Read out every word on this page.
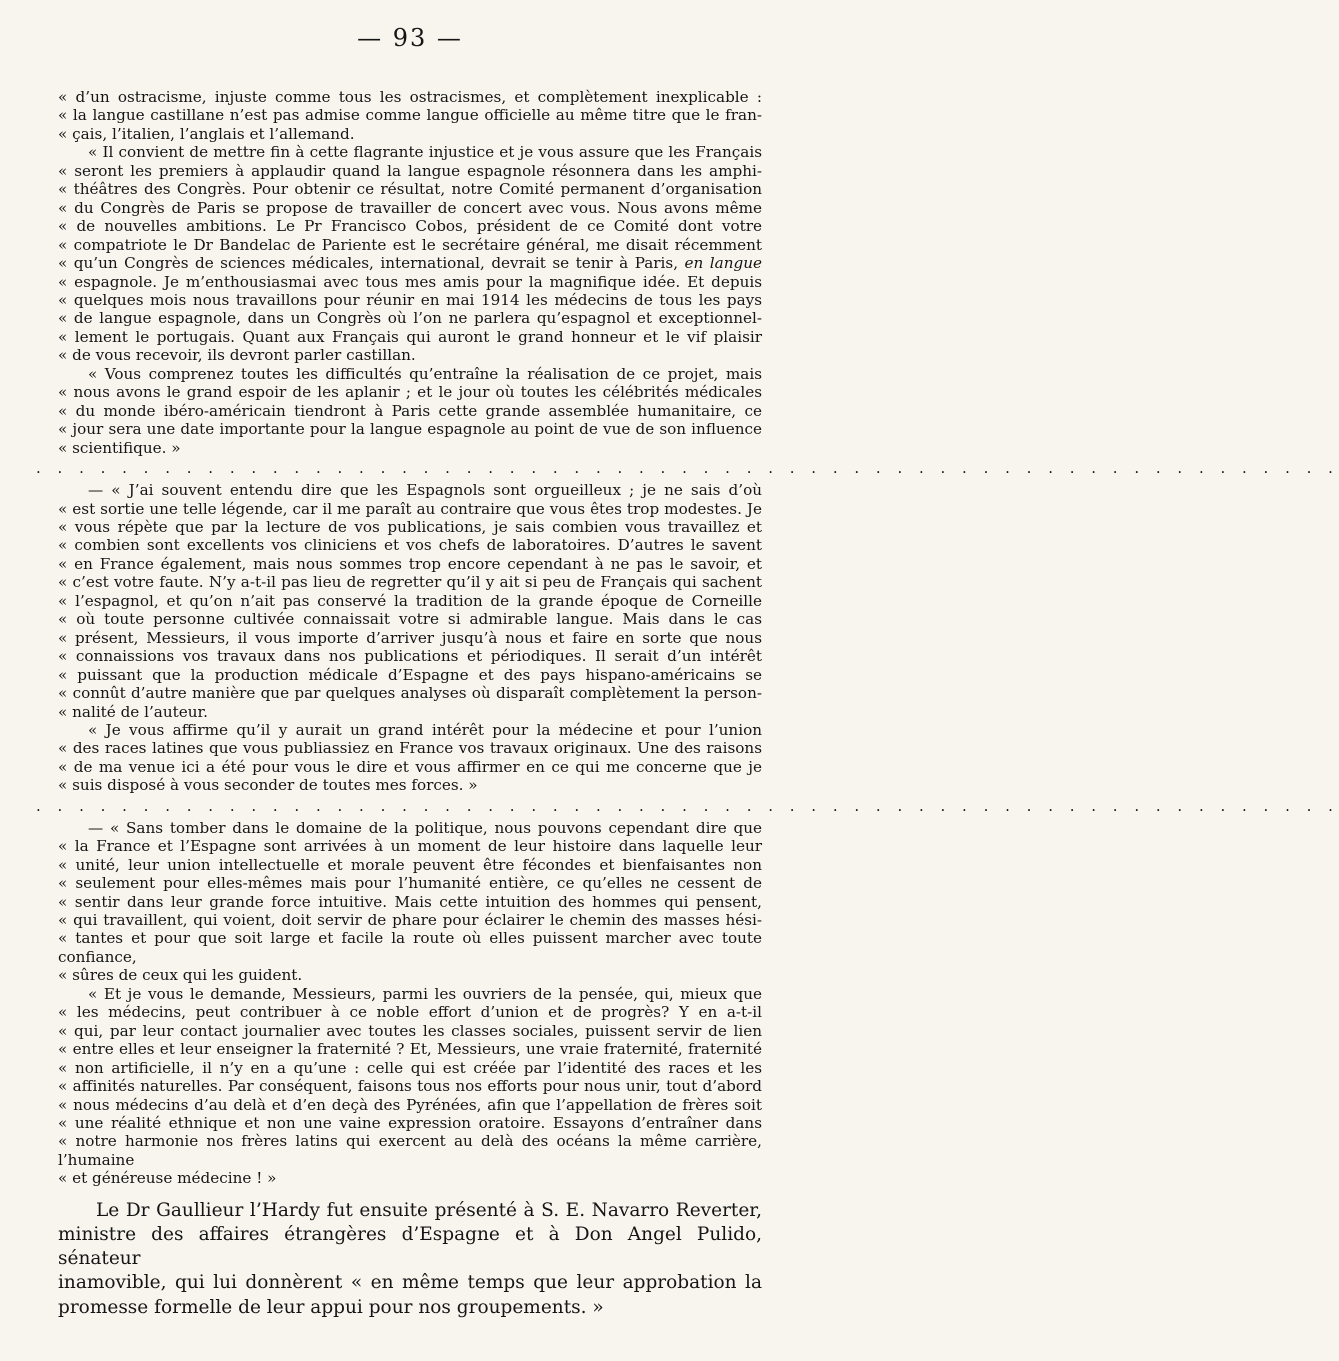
— 93 —

« d’un ostracisme, injuste comme tous les ostracismes, et complètement inexplicable :

« la langue castillane n’est pas admise comme langue officielle au même titre que le fran-

« çais, l’italien, l’anglais et l’allemand.

« Il convient de mettre fin à cette flagrante injustice et je vous assure que les Français

« seront les premiers à applaudir quand la langue espagnole résonnera dans les amphi-

« théâtres des Congrès. Pour obtenir ce résultat, notre Comité permanent d’organisation

« du Congrès de Paris se propose de travailler de concert avec vous. Nous avons même

« de nouvelles ambitions. Le Pr Francisco Cobos, président de ce Comité dont votre

« compatriote le Dr Bandelac de Pariente est le secrétaire général, me disait récemment

« qu’un Congrès de sciences médicales, international, devrait se tenir à Paris, en langue

« espagnole. Je m’enthousiasmai avec tous mes amis pour la magnifique idée. Et depuis

« quelques mois nous travaillons pour réunir en mai 1914 les médecins de tous les pays

« de langue espagnole, dans un Congrès où l’on ne parlera qu’espagnol et exceptionnel-

« lement le portugais. Quant aux Français qui auront le grand honneur et le vif plaisir

« de vous recevoir, ils devront parler castillan.

« Vous comprenez toutes les difficultés qu’entraîne la réalisation de ce projet, mais

« nous avons le grand espoir de les aplanir ; et le jour où toutes les célébrités médicales

« du monde ibéro-américain tiendront à Paris cette grande assemblée humanitaire, ce

« jour sera une date importante pour la langue espagnole au point de vue de son influence

« scientifique. »

. . . . . . . . . . . . . . . . . . . . . . . . . . . . . . . . . . . . . . . . . . . . . . . . . . . . . . . . . . . . .

— « J’ai souvent entendu dire que les Espagnols sont orgueilleux ; je ne sais d’où

« est sortie une telle légende, car il me paraît au contraire que vous êtes trop modestes. Je

« vous répète que par la lecture de vos publications, je sais combien vous travaillez et

« combien sont excellents vos cliniciens et vos chefs de laboratoires. D’autres le savent

« en France également, mais nous sommes trop encore cependant à ne pas le savoir, et

« c’est votre faute. N’y a-t-il pas lieu de regretter qu’il y ait si peu de Français qui sachent

« l’espagnol, et qu’on n’ait pas conservé la tradition de la grande époque de Corneille

« où toute personne cultivée connaissait votre si admirable langue. Mais dans le cas

« présent, Messieurs, il vous importe d’arriver jusqu’à nous et faire en sorte que nous

« connaissions vos travaux dans nos publications et périodiques. Il serait d’un intérêt

« puissant que la production médicale d’Espagne et des pays hispano-américains se

« connût d’autre manière que par quelques analyses où disparaît complètement la person-

« nalité de l’auteur.

« Je vous affirme qu’il y aurait un grand intérêt pour la médecine et pour l’union

« des races latines que vous publiassiez en France vos travaux originaux. Une des raisons

« de ma venue ici a été pour vous le dire et vous affirmer en ce qui me concerne que je

« suis disposé à vous seconder de toutes mes forces. »

. . . . . . . . . . . . . . . . . . . . . . . . . . . . . . . . . . . . . . . . . . . . . . . . . . . . . . . . . . . . .

— « Sans tomber dans le domaine de la politique, nous pouvons cependant dire que

« la France et l’Espagne sont arrivées à un moment de leur histoire dans laquelle leur

« unité, leur union intellectuelle et morale peuvent être fécondes et bienfaisantes non

« seulement pour elles-mêmes mais pour l’humanité entière, ce qu’elles ne cessent de

« sentir dans leur grande force intuitive. Mais cette intuition des hommes qui pensent,

« qui travaillent, qui voient, doit servir de phare pour éclairer le chemin des masses hési-

« tantes et pour que soit large et facile la route où elles puissent marcher avec toute confiance,

« sûres de ceux qui les guident.

« Et je vous le demande, Messieurs, parmi les ouvriers de la pensée, qui, mieux que

« les médecins, peut contribuer à ce noble effort d’union et de progrès? Y en a-t-il

« qui, par leur contact journalier avec toutes les classes sociales, puissent servir de lien

« entre elles et leur enseigner la fraternité ? Et, Messieurs, une vraie fraternité, fraternité

« non artificielle, il n’y en a qu’une : celle qui est créée par l’identité des races et les

« affinités naturelles. Par conséquent, faisons tous nos efforts pour nous unir, tout d’abord

« nous médecins d’au delà et d’en deçà des Pyrénées, afin que l’appellation de frères soit

« une réalité ethnique et non une vaine expression oratoire. Essayons d’entraîner dans

« notre harmonie nos frères latins qui exercent au delà des océans la même carrière, l’humaine

« et généreuse médecine ! »

Le Dr Gaullieur l’Hardy fut ensuite présenté à S. E. Navarro Reverter,

ministre des affaires étrangères d’Espagne et à Don Angel Pulido, sénateur

inamovible, qui lui donnèrent « en même temps que leur approbation la

promesse formelle de leur appui pour nos groupements. »
